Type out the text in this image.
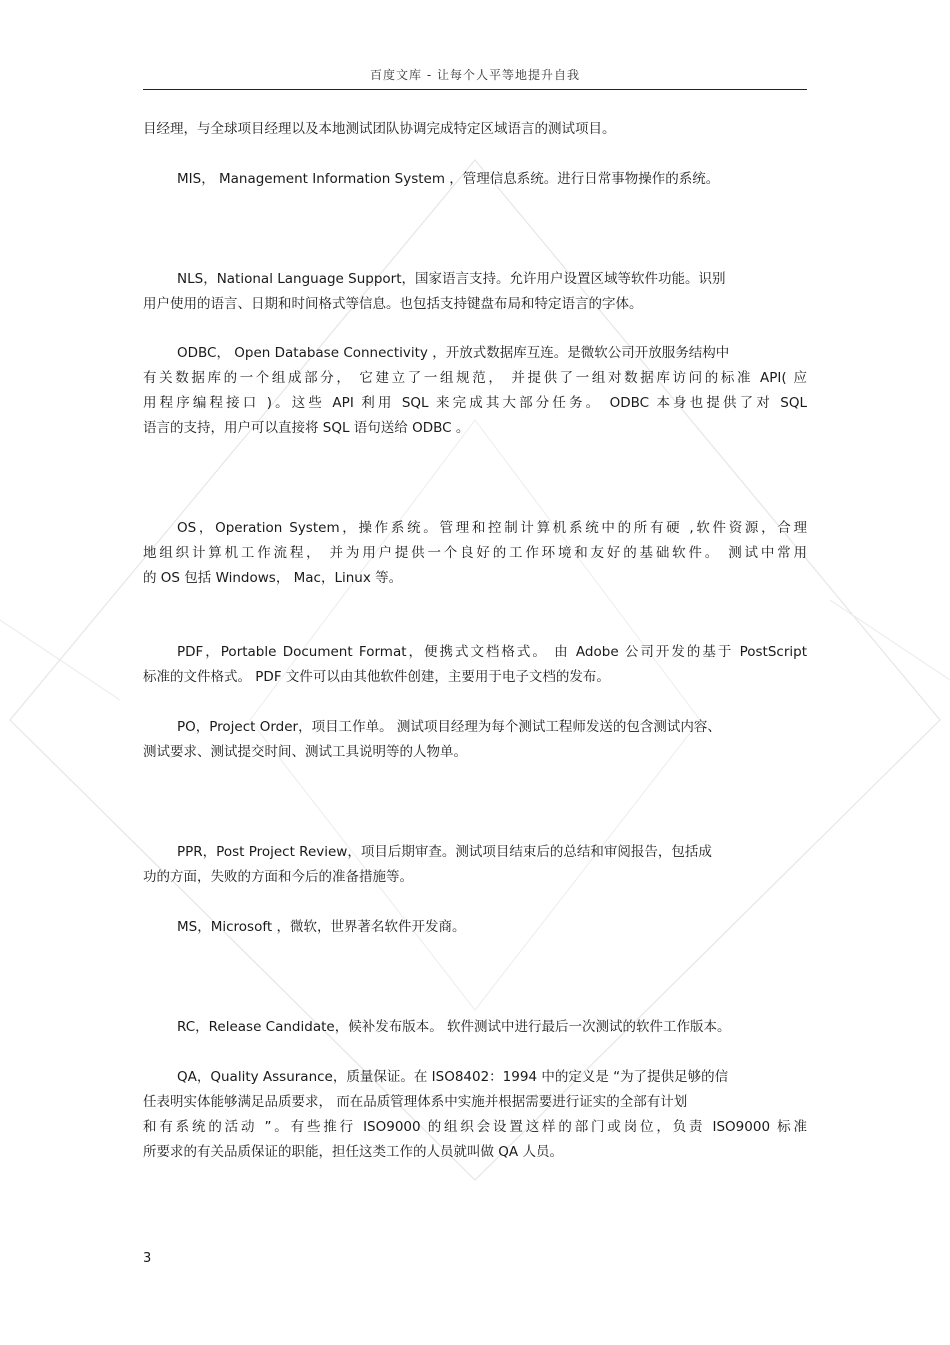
百度文库 - 让每个人平等地提升自我
目经理，与全球项目经理以及本地测试团队协调完成特定区域语言的测试项目。
MIS， Management Information System ，管理信息系统。进行日常事物操作的系统。
NLS，National Language Support，国家语言支持。允许用户设置区域等软件功能。识别
用户使用的语言、日期和时间格式等信息。也包括支持键盘布局和特定语言的字体。
ODBC， Open Database Connectivity ，开放式数据库互连。是微软公司开放服务结构中
有关数据库的一个组成部分， 它建立了一组规范， 并提供了一组对数据库访问的标准 API( 应
用程序编程接口 )。这些 API 利用 SQL 来完成其大部分任务。 ODBC 本身也提供了对 SQL
语言的支持，用户可以直接将 SQL 语句送给 ODBC 。
OS，Operation System，操作系统。管理和控制计算机系统中的所有硬 ,软件资源，合理
地组织计算机工作流程， 并为用户提供一个良好的工作环境和友好的基础软件。 测试中常用
的 OS 包括 Windows， Mac，Linux 等。
PDF，Portable Document Format，便携式文档格式。 由 Adobe 公司开发的基于 PostScript
标准的文件格式。 PDF 文件可以由其他软件创建，主要用于电子文档的发布。
PO，Project Order，项目工作单。 测试项目经理为每个测试工程师发送的包含测试内容、
测试要求、测试提交时间、测试工具说明等的人物单。
PPR，Post Project Review，项目后期审查。测试项目结束后的总结和审阅报告，包括成
功的方面，失败的方面和今后的准备措施等。
MS，Microsoft ，微软，世界著名软件开发商。
RC，Release Candidate，候补发布版本。 软件测试中进行最后一次测试的软件工作版本。
QA，Quality Assurance，质量保证。在 ISO8402：1994 中的定义是 “为了提供足够的信
任表明实体能够满足品质要求， 而在品质管理体系中实施并根据需要进行证实的全部有计划
和有系统的活动 ”。有些推行 ISO9000 的组织会设置这样的部门或岗位，负责 ISO9000 标准
所要求的有关品质保证的职能，担任这类工作的人员就叫做 QA 人员。
3
